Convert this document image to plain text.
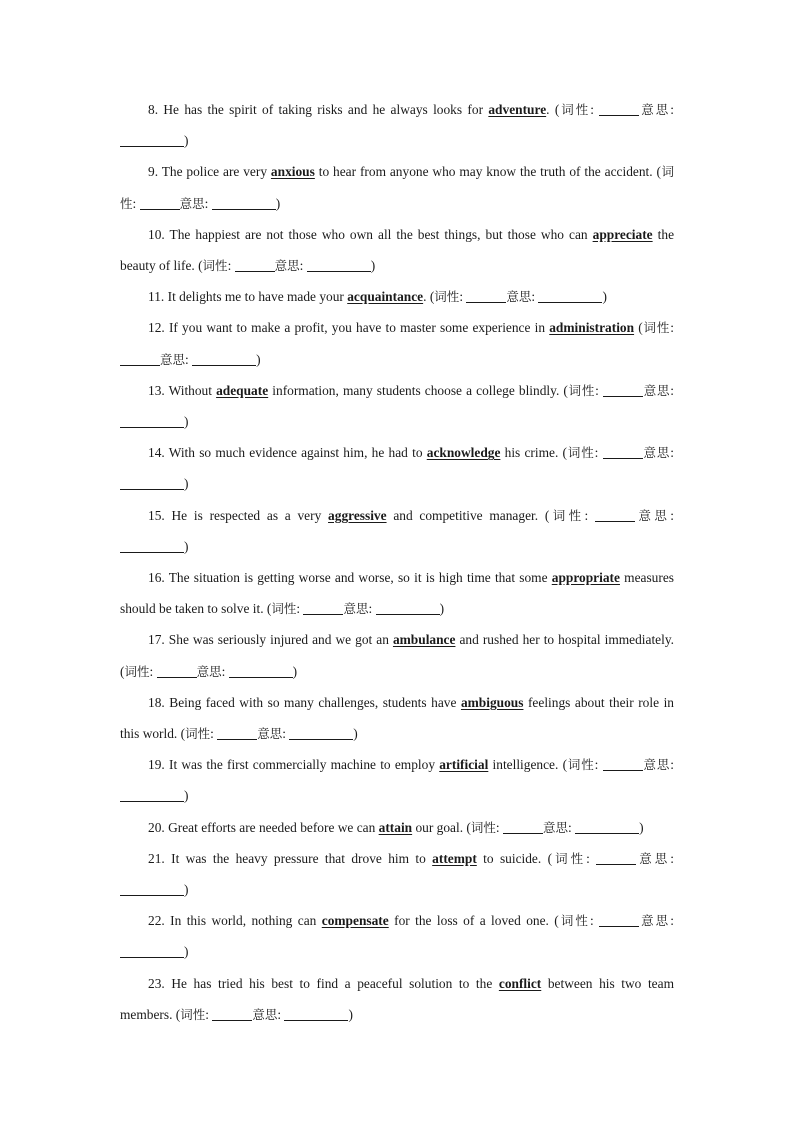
8. He has the spirit of taking risks and he always looks for adventure. (词性:	意思: )

9. The police are very anxious to hear from anyone who may know the truth of the accident. (词性:	意思:	)

10. The happiest are not those who own all the best things, but those who can appreciate the beauty of life. (词性:	意思:	)

11. It delights me to have made your acquaintance. (词性:	意思:	)

12. If you want to make a profit, you have to master some experience in administration (词性: 意思:	)

13. Without adequate information, many students choose a college blindly. (词性:	意思: )

14. With so much evidence against him, he had to acknowledge his crime. (词性:	意思: )

15. He is respected as a very aggressive and competitive manager. (词性:	意思: )

16. The situation is getting worse and worse, so it is high time that some appropriate measures should be taken to solve it. (词性:	意思:	)

17. She was seriously injured and we got an ambulance and rushed her to hospital immediately. (词性:	意思:	)

18. Being faced with so many challenges, students have ambiguous feelings about their role in this world. (词性:	意思:	)

19. It was the first commercially machine to employ artificial intelligence. (词性:	意思: )

20. Great efforts are needed before we can attain our goal. (词性:	意思:	)

21. It was the heavy pressure that drove him to attempt to suicide. (词性:	意思: )

22. In this world, nothing can compensate for the loss of a loved one. (词性:	意思: )

23. He has tried his best to find a peaceful solution to the conflict between his two team members. (词性:	意思:	)
